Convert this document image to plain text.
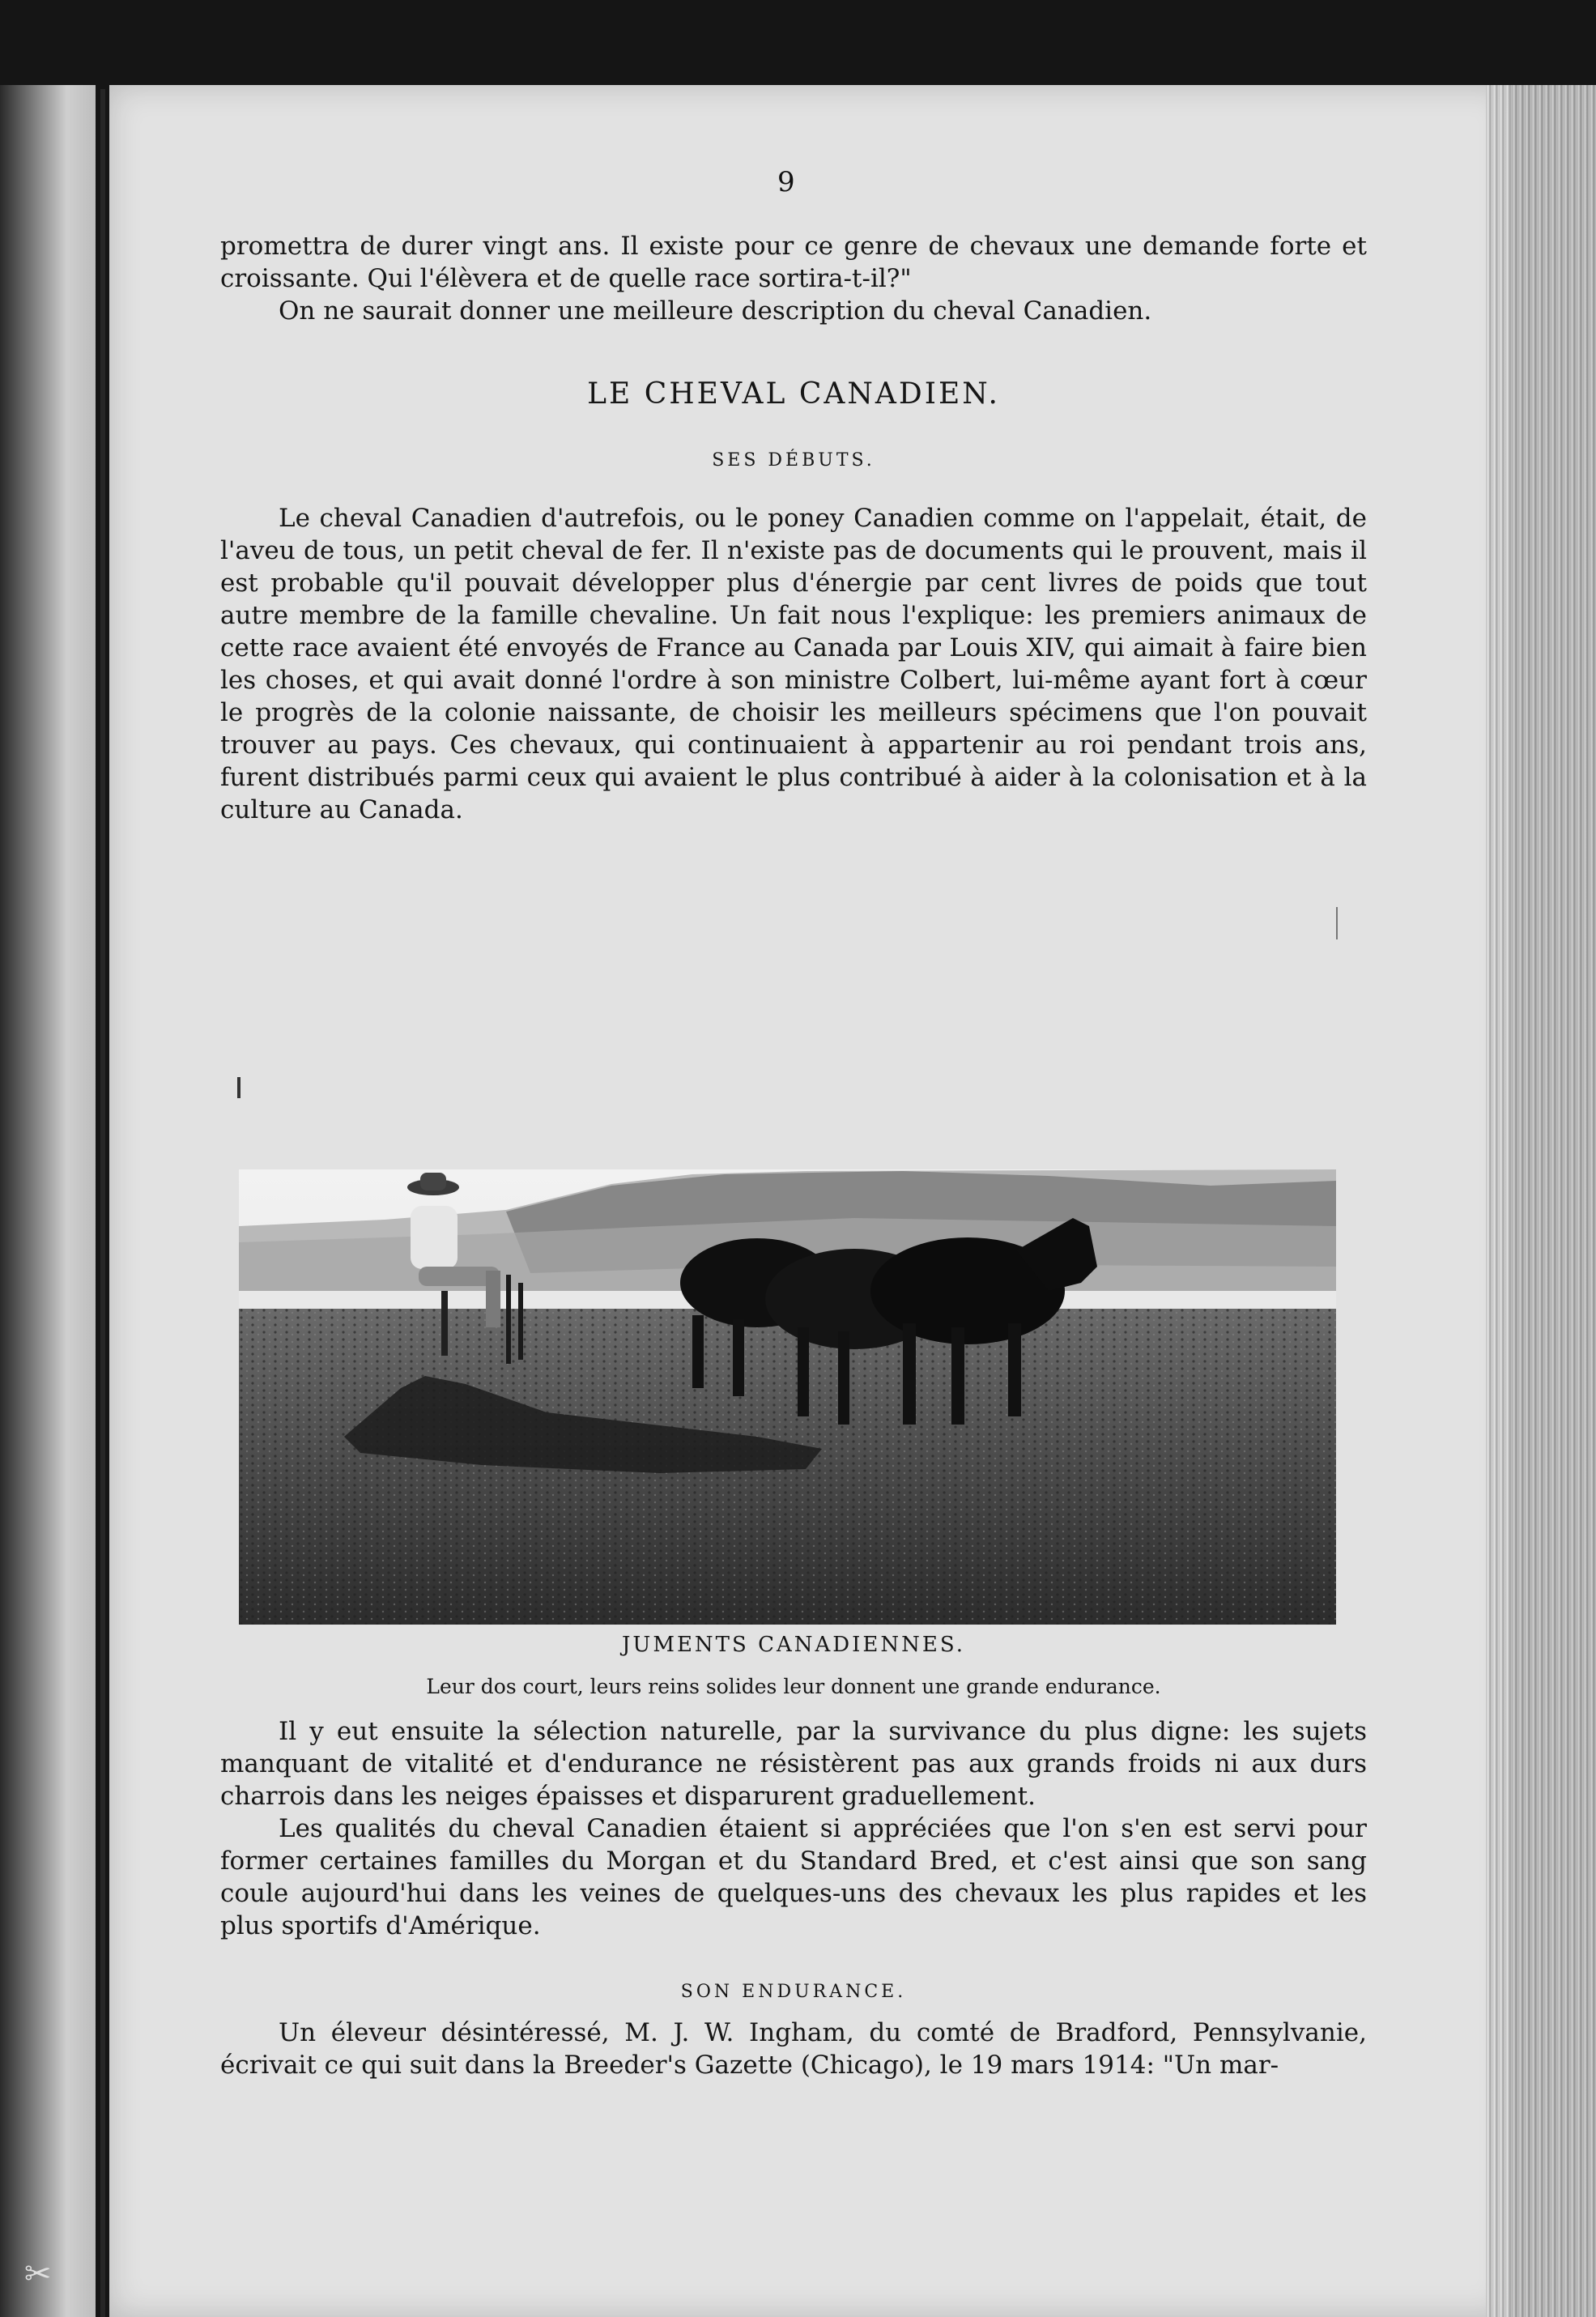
✂
9

promettra de durer vingt ans. Il existe pour ce genre de chevaux une demande forte et croissante. Qui l'élèvera et de quelle race sortira-t-il?"

On ne saurait donner une meilleure description du cheval Canadien.

LE CHEVAL CANADIEN.
SES DÉBUTS.
Le cheval Canadien d'autrefois, ou le poney Canadien comme on l'appelait, était, de l'aveu de tous, un petit cheval de fer. Il n'existe pas de documents qui le prouvent, mais il est probable qu'il pouvait développer plus d'énergie par cent livres de poids que tout autre membre de la famille chevaline. Un fait nous l'explique: les premiers animaux de cette race avaient été envoyés de France au Canada par Louis XIV, qui aimait à faire bien les choses, et qui avait donné l'ordre à son ministre Colbert, lui-même ayant fort à cœur le progrès de la colonie naissante, de choisir les meilleurs spécimens que l'on pouvait trouver au pays. Ces chevaux, qui continuaient à appartenir au roi pendant trois ans, furent distribués parmi ceux qui avaient le plus contribué à aider à la colonisation et à la culture au Canada.
JUMENTS CANADIENNES.
Leur dos court, leurs reins solides leur donnent une grande endurance.

Il y eut ensuite la sélection naturelle, par la survivance du plus digne: les sujets manquant de vitalité et d'endurance ne résistèrent pas aux grands froids ni aux durs charrois dans les neiges épaisses et disparurent graduellement.

Les qualités du cheval Canadien étaient si appréciées que l'on s'en est servi pour former certaines familles du Morgan et du Standard Bred, et c'est ainsi que son sang coule aujourd'hui dans les veines de quelques-uns des chevaux les plus rapides et les plus sportifs d'Amérique.

SON ENDURANCE.
Un éleveur désintéressé, M. J. W. Ingham, du comté de Bradford, Pennsylvanie, écrivait ce qui suit dans la Breeder's Gazette (Chicago), le 19 mars 1914: "Un mar-
